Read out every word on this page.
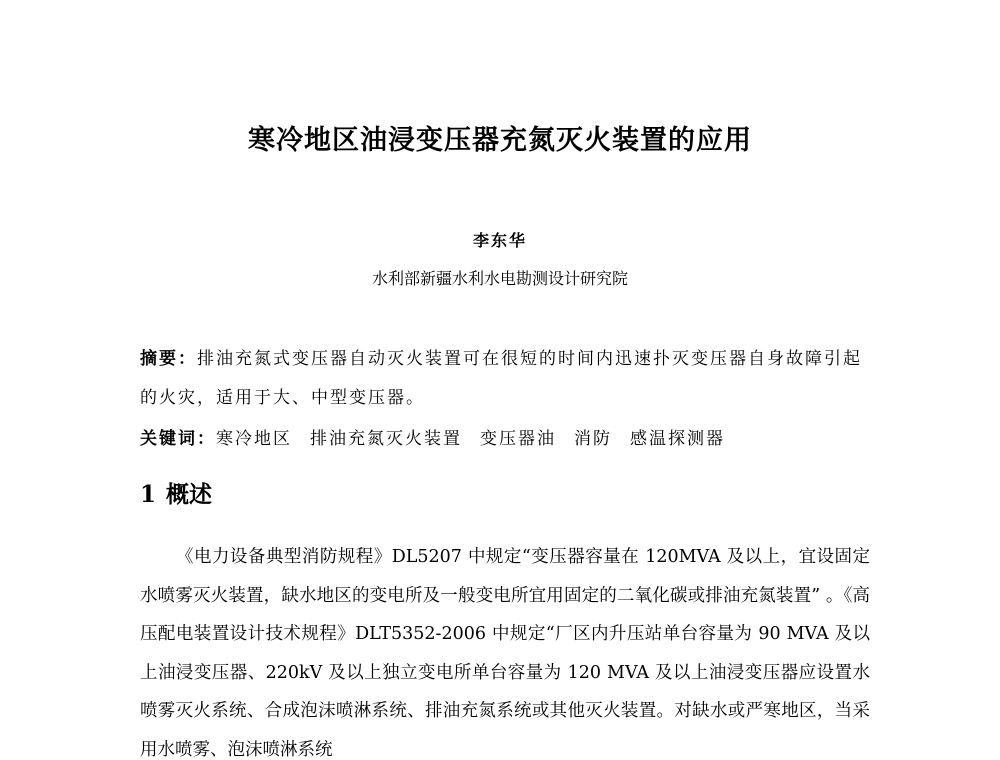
寒冷地区油浸变压器充氮灭火装置的应用
李东华
水利部新疆水利水电勘测设计研究院

摘要：排油充氮式变压器自动灭火装置可在很短的时间内迅速扑灭变压器自身故障引起的火灾，适用于大、中型变压器。

关键词：寒冷地区 排油充氮灭火装置 变压器油 消防 感温探测器
1 概述

《电力设备典型消防规程》DL5207 中规定“变压器容量在 120MVA 及以上，宜设固定水喷雾灭火装置，缺水地区的变电所及一般变电所宜用固定的二氧化碳或排油充氮装置” 。《高压配电装置设计技术规程》DLT5352-2006 中规定“厂区内升压站单台容量为 90 MVA 及以上油浸变压器、220kV 及以上独立变电所单台容量为 120 MVA 及以上油浸变压器应设置水喷雾灭火系统、合成泡沫喷淋系统、排油充氮系统或其他灭火装置。对缺水或严寒地区，当采用水喷雾、泡沫喷淋系统
